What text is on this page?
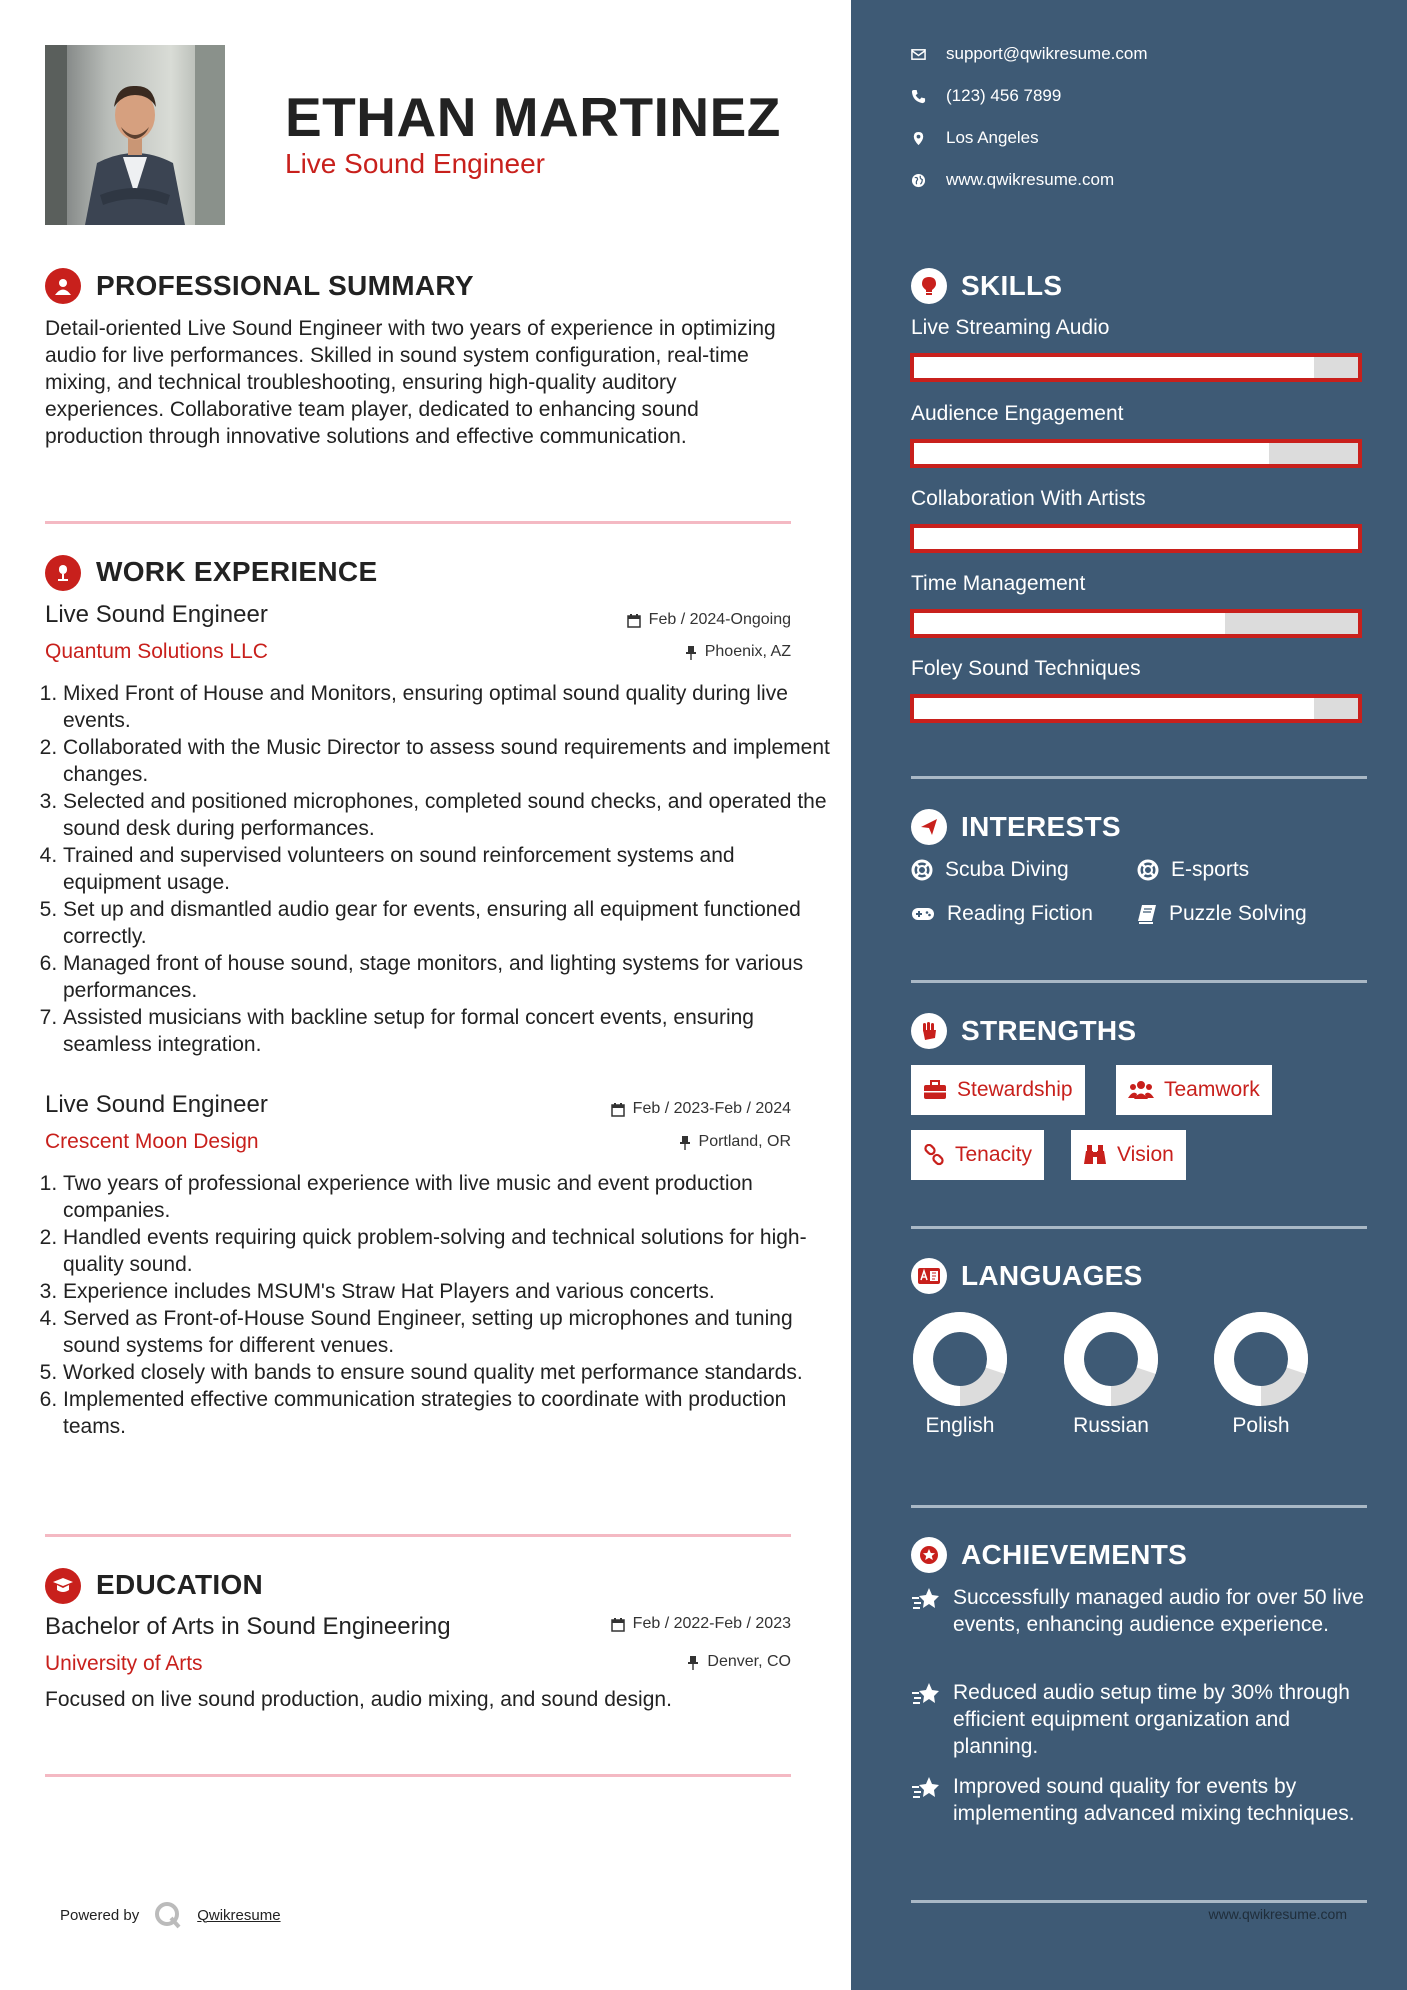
ETHAN MARTINEZ
Live Sound Engineer
PROFESSIONAL SUMMARY

Detail-oriented Live Sound Engineer with two years of experience in optimizing audio for live performances. Skilled in sound system configuration, real-time mixing, and technical troubleshooting, ensuring high-quality auditory experiences. Collaborative team player, dedicated to enhancing sound production through innovative solutions and effective communication.

WORK EXPERIENCE
Live Sound Engineer	Feb / 2024-Ongoing
Quantum Solutions LLC	Phoenix, AZ
1. Mixed Front of House and Monitors, ensuring optimal sound quality during live events.
2. Collaborated with the Music Director to assess sound requirements and implement changes.
3. Selected and positioned microphones, completed sound checks, and operated the sound desk during performances.
4. Trained and supervised volunteers on sound reinforcement systems and equipment usage.
5. Set up and dismantled audio gear for events, ensuring all equipment functioned correctly.
6. Managed front of house sound, stage monitors, and lighting systems for various performances.
7. Assisted musicians with backline setup for formal concert events, ensuring seamless integration.
Live Sound Engineer	Feb / 2023-Feb / 2024
Crescent Moon Design	Portland, OR
1. Two years of professional experience with live music and event production companies.
2. Handled events requiring quick problem-solving and technical solutions for high-quality sound.
3. Experience includes MSUM's Straw Hat Players and various concerts.
4. Served as Front-of-House Sound Engineer, setting up microphones and tuning sound systems for different venues.
5. Worked closely with bands to ensure sound quality met performance standards.
6. Implemented effective communication strategies to coordinate with production teams.
EDUCATION
Bachelor of Arts in Sound Engineering	Feb / 2022-Feb / 2023
University of Arts	Denver, CO
Focused on live sound production, audio mixing, and sound design.
Powered by	Qwikresume
support@qwikresume.com
(123) 456 7899
Los Angeles
www.qwikresume.com
SKILLS
Live Streaming Audio
Audience Engagement
Collaboration With Artists
Time Management
Foley Sound Techniques
INTERESTS
Scuba Diving	E-sports
Reading Fiction	Puzzle Solving
STRENGTHS
Stewardship	Teamwork
Tenacity	Vision
LANGUAGES
English	Russian	Polish
ACHIEVEMENTS
Successfully managed audio for over 50 live events, enhancing audience experience.
Reduced audio setup time by 30% through efficient equipment organization and planning.
Improved sound quality for events by implementing advanced mixing techniques.
www.qwikresume.com
